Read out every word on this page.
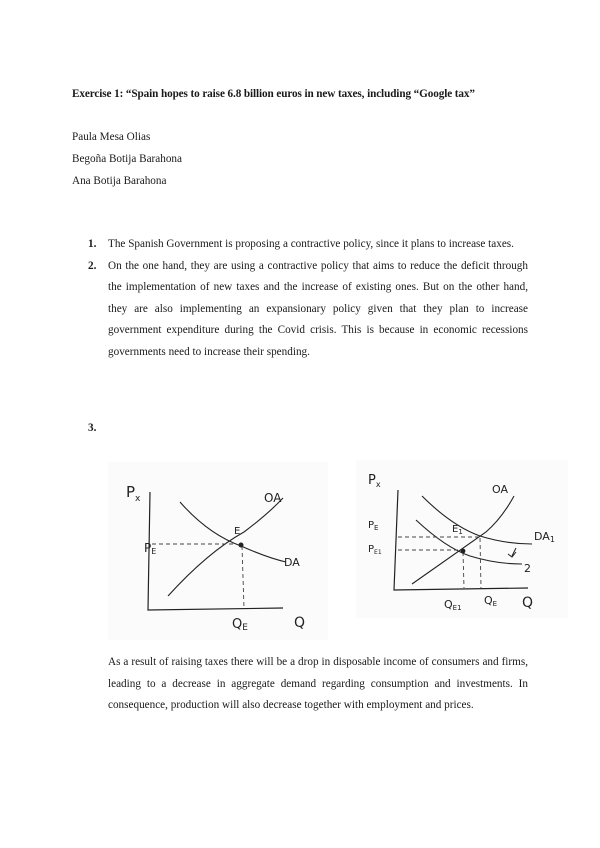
Exercise 1: “Spain hopes to raise 6.8 billion euros in new taxes, including “Google tax”
Paula Mesa Olias
Begoña Botija Barahona
Ana Botija Barahona
1. The Spanish Government is proposing a contractive policy, since it plans to increase taxes.
2. On the one hand, they are using a contractive policy that aims to reduce the deficit through the implementation of new taxes and the increase of existing ones. But on the other hand, they are also implementing an expansionary policy given that they plan to increase government expenditure during the Covid crisis. This is because in economic recessions governments need to increase their spending.
3.
$P_x$	OA
DA
E
PE
QE	Q
$P_x$	OA
DA1
2
$E_1$
$P_E$
$P_{E1}$
QE1
QE Q
As a result of raising taxes there will be a drop in disposable income of consumers and firms, leading to a decrease in aggregate demand regarding consumption and investments. In consequence, production will also decrease together with employment and prices.
